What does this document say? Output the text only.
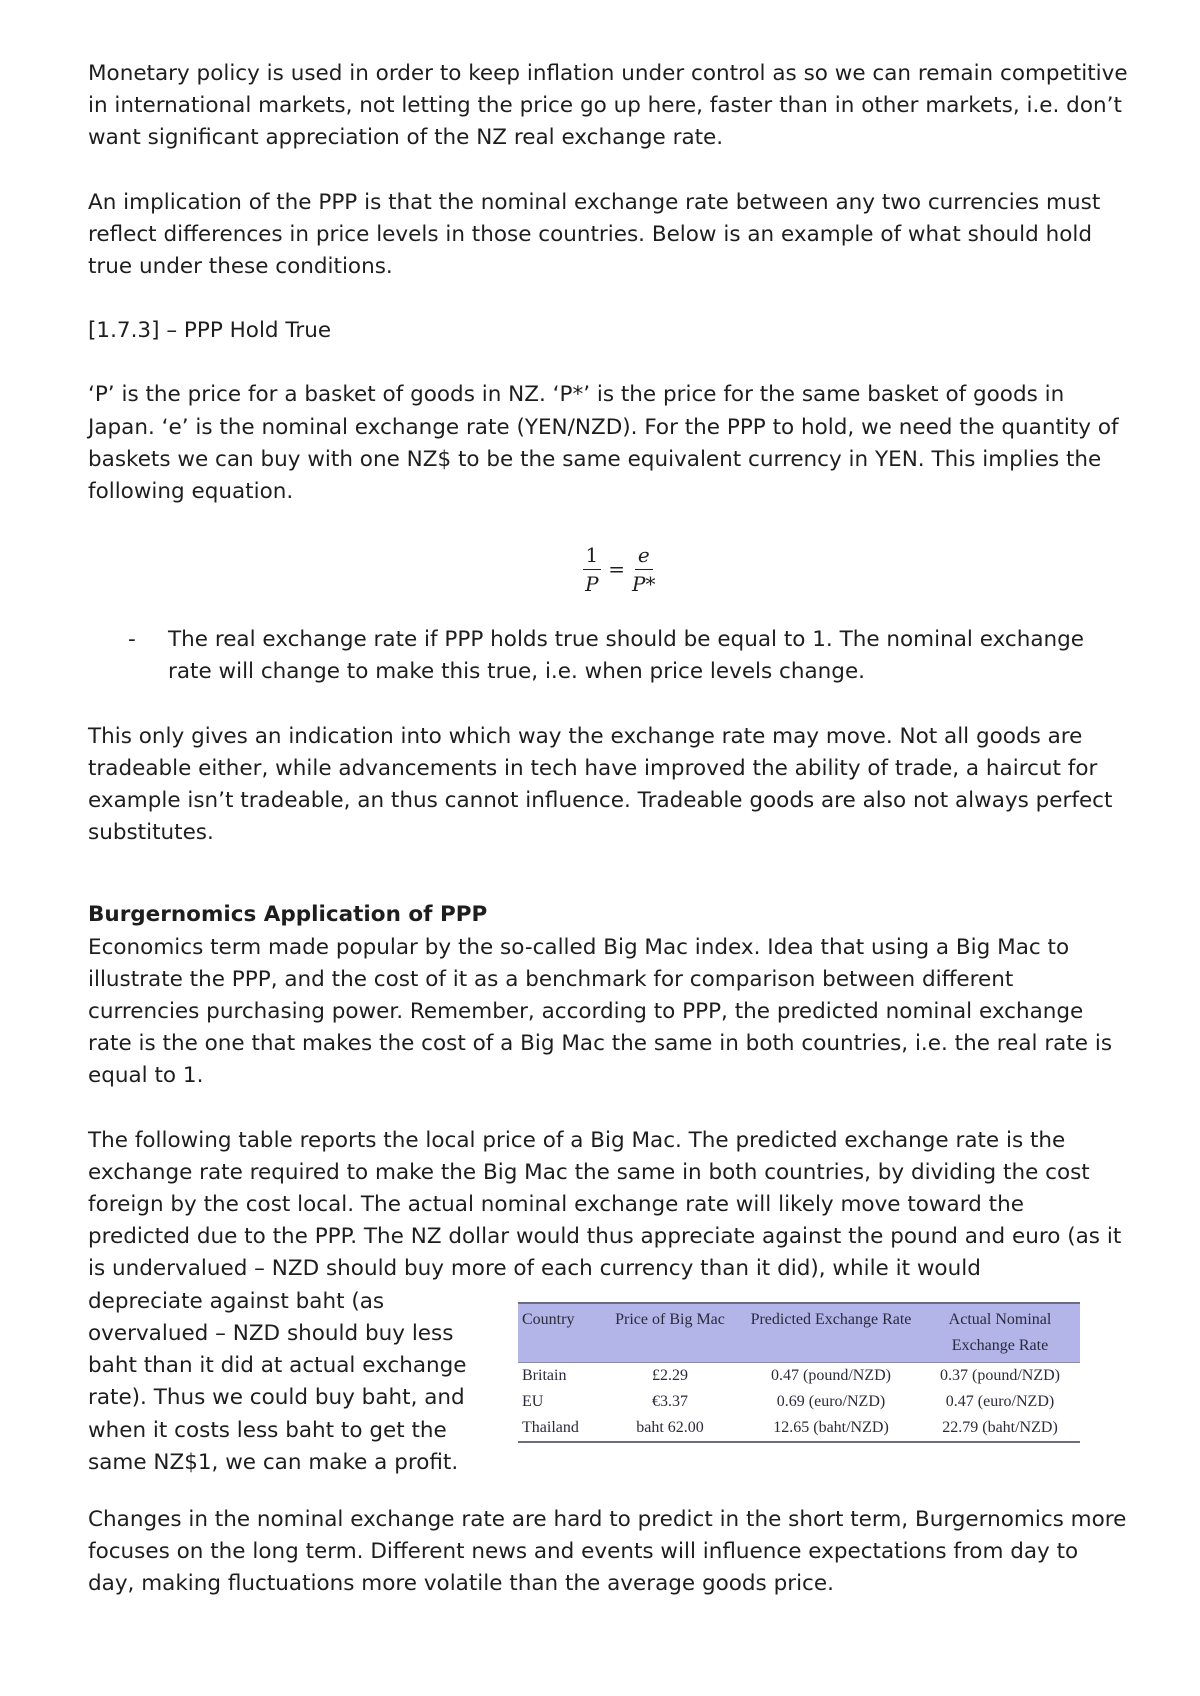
Monetary policy is used in order to keep inflation under control as so we can remain competitive in international markets, not letting the price go up here, faster than in other markets, i.e. don’t want significant appreciation of the NZ real exchange rate.

An implication of the PPP is that the nominal exchange rate between any two currencies must reflect differences in price levels in those countries. Below is an example of what should hold true under these conditions.

[1.7.3] – PPP Hold True

‘P’ is the price for a basket of goods in NZ. ‘P*’ is the price for the same basket of goods in Japan. ‘e’ is the nominal exchange rate (YEN/NZD). For the PPP to hold, we need the quantity of baskets we can buy with one NZ$ to be the same equivalent currency in YEN. This implies the following equation.

$\frac{1}{P} = \frac{e}{P*}$
- The real exchange rate if PPP holds true should be equal to 1. The nominal exchange rate will change to make this true, i.e. when price levels change.

This only gives an indication into which way the exchange rate may move. Not all goods are tradeable either, while advancements in tech have improved the ability of trade, a haircut for example isn’t tradeable, an thus cannot influence. Tradeable goods are also not always perfect substitutes.

Burgernomics Application of PPP

Economics term made popular by the so-called Big Mac index. Idea that using a Big Mac to illustrate the PPP, and the cost of it as a benchmark for comparison between different currencies purchasing power. Remember, according to PPP, the predicted nominal exchange rate is the one that makes the cost of a Big Mac the same in both countries, i.e. the real rate is equal to 1.

The following table reports the local price of a Big Mac. The predicted exchange rate is the exchange rate required to make the Big Mac the same in both countries, by dividing the cost foreign by the cost local. The actual nominal exchange rate will likely move toward the predicted due to the PPP. The NZ dollar would thus appreciate against the pound and euro (as it is undervalued – NZD should buy more of each currency than it did), while it would

depreciate against baht (as overvalued – NZD should buy less baht than it did at actual exchange rate). Thus we could buy baht, and when it costs less baht to get the same NZ$1, we can make a profit.

Country	Price of Big Mac	Predicted Exchange Rate	Actual Nominal Exchange Rate
Britain	£2.29	0.47 (pound/NZD)	0.37 (pound/NZD)
EU	€3.37	0.69 (euro/NZD)	0.47 (euro/NZD)
Thailand	baht 62.00	12.65 (baht/NZD)	22.79 (baht/NZD)

Changes in the nominal exchange rate are hard to predict in the short term, Burgernomics more focuses on the long term. Different news and events will influence expectations from day to day, making fluctuations more volatile than the average goods price.
